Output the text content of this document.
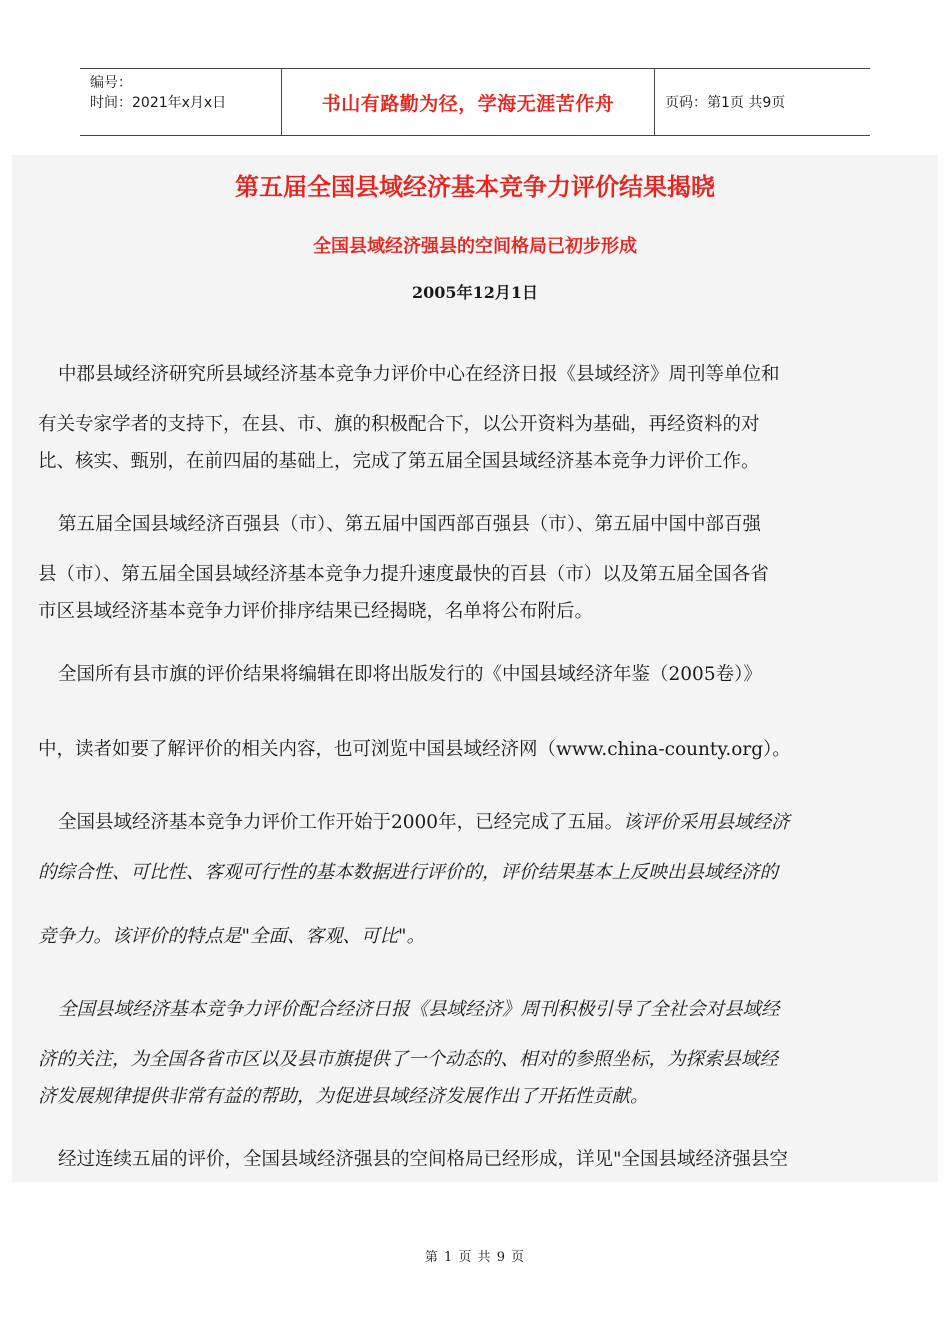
编号：
时间：2021年x月x日	书山有路勤为径，学海无涯苦作舟	页码：第1页 共9页
第五届全国县域经济基本竞争力评价结果揭晓
全国县域经济强县的空间格局已初步形成
2005年12月1日

中郡县域经济研究所县域经济基本竞争力评价中心在经济日报《县域经济》周刊等单位和

有关专家学者的支持下，在县、市、旗的积极配合下，以公开资料为基础，再经资料的对
比、核实、甄别，在前四届的基础上，完成了第五届全国县域经济基本竞争力评价工作。

第五届全国县域经济百强县（市）、第五届中国西部百强县（市）、第五届中国中部百强

县（市）、第五届全国县域经济基本竞争力提升速度最快的百县（市）以及第五届全国各省
市区县域经济基本竞争力评价排序结果已经揭晓，名单将公布附后。

全国所有县市旗的评价结果将编辑在即将出版发行的《中国县域经济年鉴（2005卷）》

中，读者如要了解评价的相关内容，也可浏览中国县域经济网（www.china-county.org）。

全国县域经济基本竞争力评价工作开始于2000年，已经完成了五届。该评价采用县域经济

的综合性、可比性、客观可行性的基本数据进行评价的，评价结果基本上反映出县域经济的

竞争力。该评价的特点是"全面、客观、可比"。

全国县域经济基本竞争力评价配合经济日报《县域经济》周刊积极引导了全社会对县域经

济的关注，为全国各省市区以及县市旗提供了一个动态的、相对的参照坐标，为探索县域经
济发展规律提供非常有益的帮助，为促进县域经济发展作出了开拓性贡献。

经过连续五届的评价，全国县域经济强县的空间格局已经形成，详见"全国县域经济强县空

第 1 页 共 9 页
